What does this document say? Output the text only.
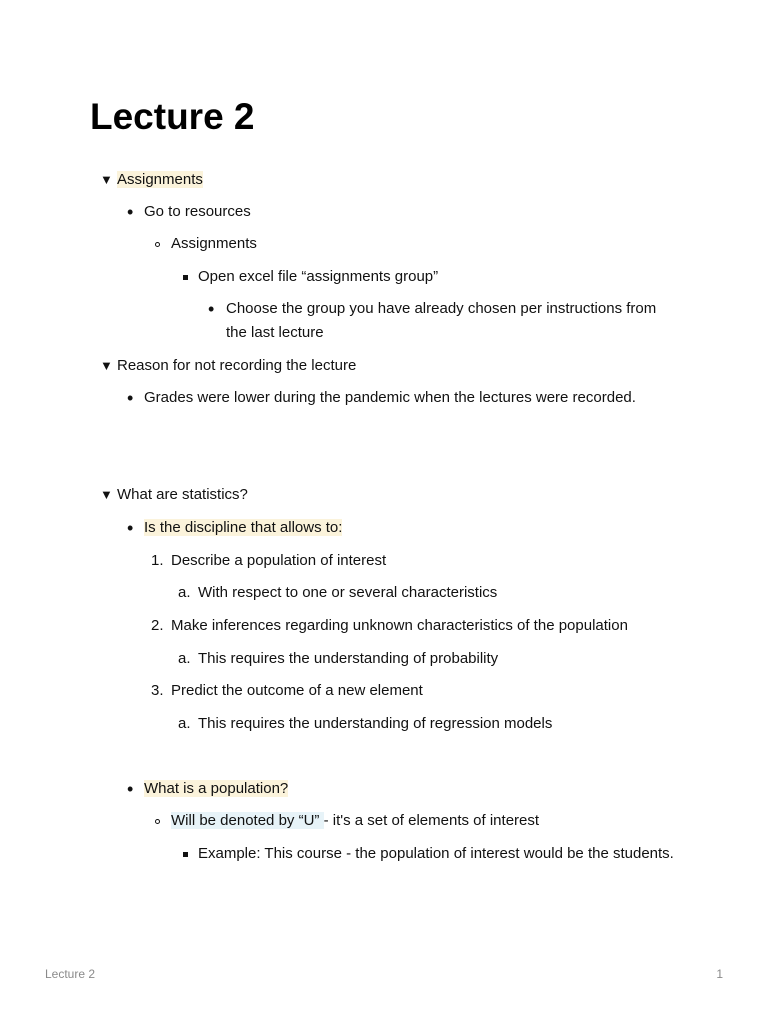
Lecture 2
▼ Assignments
• Go to resources
Assignments
Open excel file “assignments group”
• Choose the group you have already chosen per instructions from the last lecture
▼ Reason for not recording the lecture
• Grades were lower during the pandemic when the lectures were recorded.
▼ What are statistics?
• Is the discipline that allows to:
1. Describe a population of interest
a. With respect to one or several characteristics
2. Make inferences regarding unknown characteristics of the population
a. This requires the understanding of probability
3. Predict the outcome of a new element
a. This requires the understanding of regression models
• What is a population?
Will be denoted by “U” - it's a set of elements of interest
Example: This course - the population of interest would be the students.
Lecture 2	1
